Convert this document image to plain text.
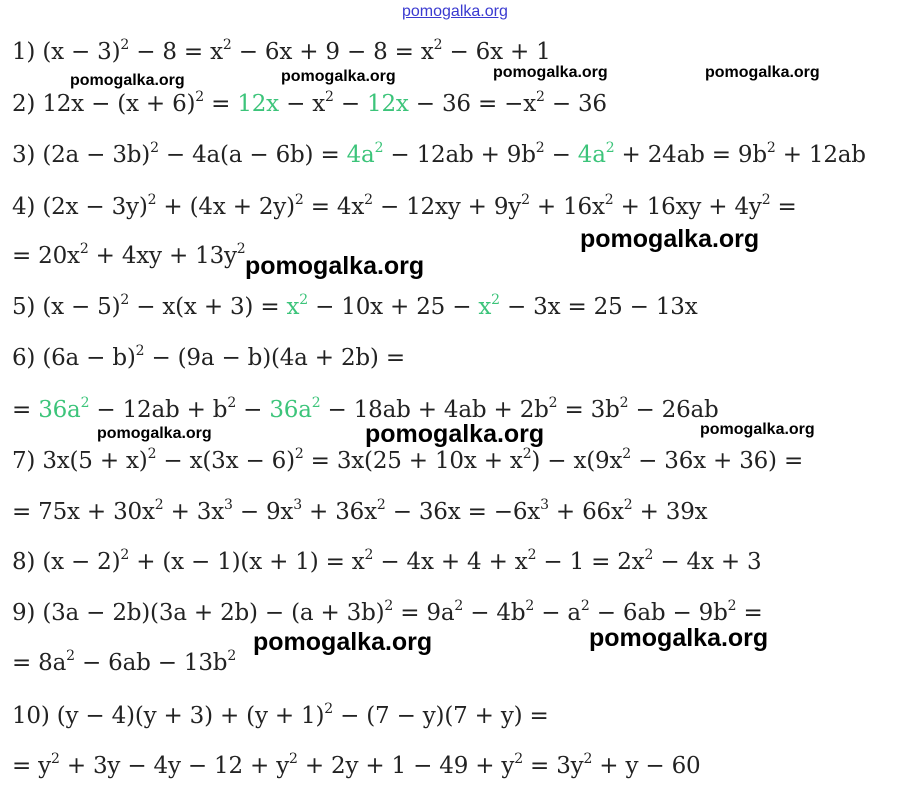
pomogalka.org
1) $(x - 3)^2 - 8 = x^2 - 6x + 9 - 8 = x^2 - 6x + 1$
2) $12x - (x + 6)^2 = 12x - x^2 - 12x - 36 = -x^2 - 36$
3) $(2a - 3b)^2 - 4a(a - 6b) = 4a^2 - 12ab + 9b^2 - 4a^2 + 24ab = 9b^2 + 12ab$
4) $(2x - 3y)^2 + (4x + 2y)^2 = 4x^2 - 12xy + 9y^2 + 16x^2 + 16xy + 4y^2$ =
= $20x^2 + 4xy + 13y^2$
5) $(x - 5)^2 - x(x + 3) = x^2 - 10x + 25 - x^2 - 3x = 25 - 13x$
6) $(6a - b)^2 - (9a - b)(4a + 2b)$ =
= $36a^2 - 12ab + b^2 - 36a^2 - 18ab + 4ab + 2b^2 = 3b^2 - 26ab$
7) $3x(5 + x)^2 - x(3x - 6)^2 = 3x(25 + 10x + x^2) - x(9x^2 - 36x + 36)$ =
= $75x + 30x^2 + 3x^3 - 9x^3 + 36x^2 - 36x = -6x^3 + 66x^2 + 39x$
8) $(x - 2)^2 + (x - 1)(x + 1) = x^2 - 4x + 4 + x^2 - 1 = 2x^2 - 4x + 3$
9) $(3a - 2b)(3a + 2b) - (a + 3b)^2 = 9a^2 - 4b^2 - a^2 - 6ab - 9b^2$ =
= $8a^2 - 6ab - 13b^2$
10) $(y - 4)(y + 3) + (y + 1)^2 - (7 - y)(7 + y)$ =
= $y^2 + 3y - 4y - 12 + y^2 + 2y + 1 - 49 + y^2 = 3y^2 + y - 60$
pomogalka.org	pomogalka.org	pomogalka.org	pomogalka.org
pomogalka.org
pomogalka.org
pomogalka.org	pomogalka.org	pomogalka.org
pomogalka.org	pomogalka.org
